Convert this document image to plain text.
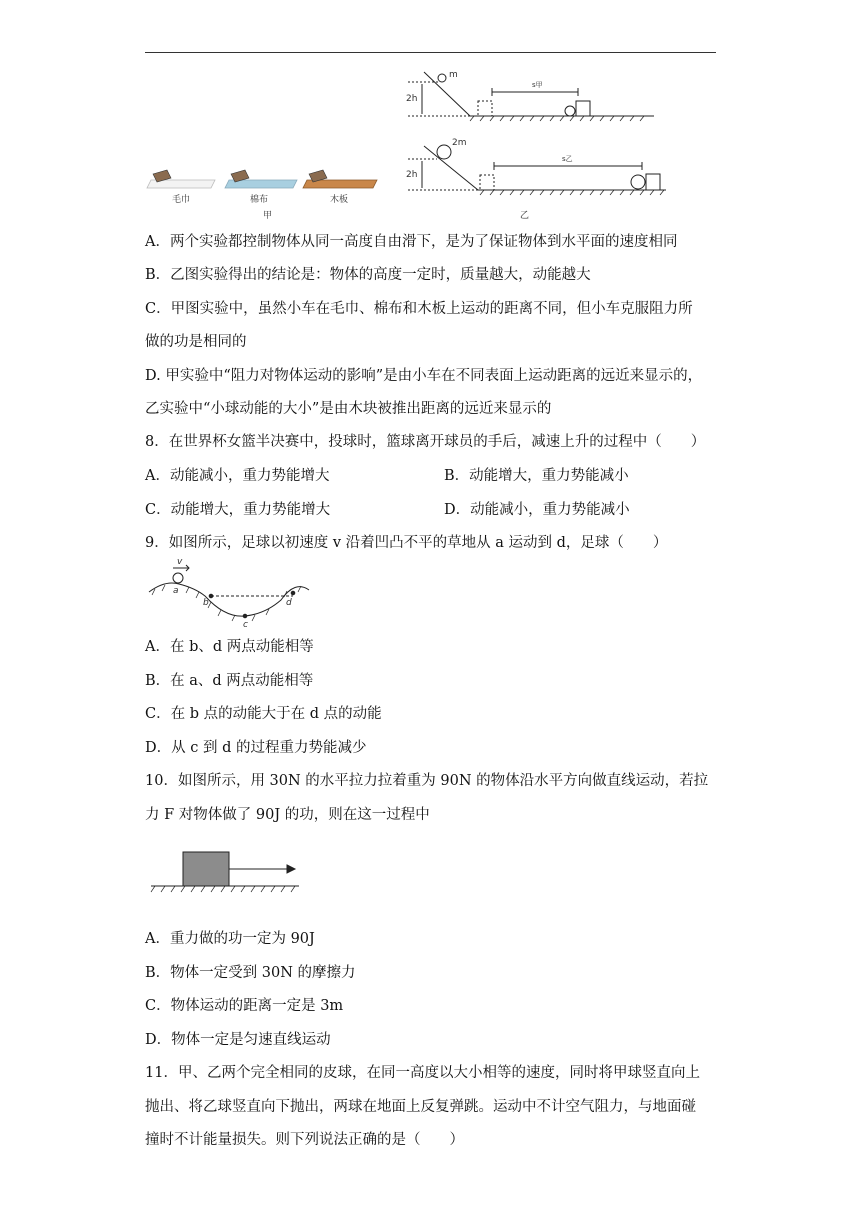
毛巾	棉布	木板
甲
m
2h
s甲
2m
2h
s乙
乙
A．两个实验都控制物体从同一高度自由滑下，是为了保证物体到水平面的速度相同
B．乙图实验得出的结论是：物体的高度一定时，质量越大，动能越大
C．甲图实验中，虽然小车在毛巾、棉布和木板上运动的距离不同，但小车克服阻力所
做的功是相同的
D. 甲实验中“阻力对物体运动的影响”是由小车在不同表面上运动距离的远近来显示的，
乙实验中“小球动能的大小”是由木块被推出距离的远近来显示的
8．在世界杯女篮半决赛中，投球时，篮球离开球员的手后，减速上升的过程中（　　）
A．动能减小，重力势能增大	B．动能增大，重力势能减小
C．动能增大，重力势能增大	D．动能减小，重力势能减小
9．如图所示，足球以初速度 v 沿着凹凸不平的草地从 a 运动到 d，足球（　　）
v
a
b
c
d
A．在 b、d 两点动能相等
B．在 a、d 两点动能相等
C．在 b 点的动能大于在 d 点的动能
D．从 c 到 d 的过程重力势能减少
10．如图所示，用 30N 的水平拉力拉着重为 90N 的物体沿水平方向做直线运动，若拉
力 F 对物体做了 90J 的功，则在这一过程中
A．重力做的功一定为 90J
B．物体一定受到 30N 的摩擦力
C．物体运动的距离一定是 3m
D．物体一定是匀速直线运动
11．甲、乙两个完全相同的皮球，在同一高度以大小相等的速度，同时将甲球竖直向上
抛出、将乙球竖直向下抛出，两球在地面上反复弹跳。运动中不计空气阻力，与地面碰
撞时不计能量损失。则下列说法正确的是（　　）
